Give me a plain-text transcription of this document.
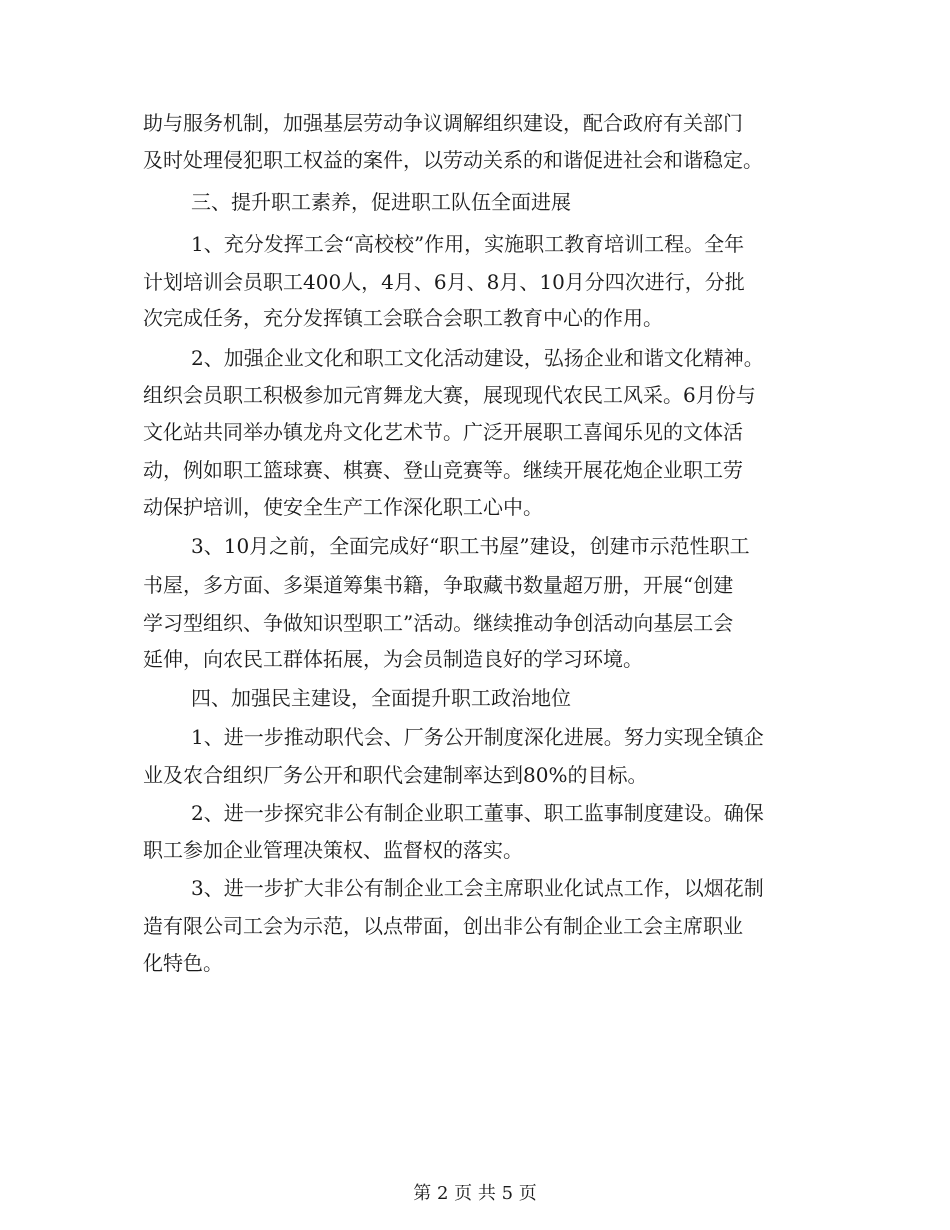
助与服务机制，加强基层劳动争议调解组织建设，配合政府有关部门
及时处理侵犯职工权益的案件，以劳动关系的和谐促进社会和谐稳定。
三、提升职工素养，促进职工队伍全面进展
1、充分发挥工会“高校校”作用，实施职工教育培训工程。全年
计划培训会员职工400人，4月、6月、8月、10月分四次进行，分批
次完成任务，充分发挥镇工会联合会职工教育中心的作用。
2、加强企业文化和职工文化活动建设，弘扬企业和谐文化精神。
组织会员职工积极参加元宵舞龙大赛，展现现代农民工风采。6月份与
文化站共同举办镇龙舟文化艺术节。广泛开展职工喜闻乐见的文体活
动，例如职工篮球赛、棋赛、登山竞赛等。继续开展花炮企业职工劳
动保护培训，使安全生产工作深化职工心中。
3、10月之前，全面完成好“职工书屋”建设，创建市示范性职工
书屋，多方面、多渠道筹集书籍，争取藏书数量超万册，开展“创建
学习型组织、争做知识型职工”活动。继续推动争创活动向基层工会
延伸，向农民工群体拓展，为会员制造良好的学习环境。
四、加强民主建设，全面提升职工政治地位
1、进一步推动职代会、厂务公开制度深化进展。努力实现全镇企
业及农合组织厂务公开和职代会建制率达到80%的目标。
2、进一步探究非公有制企业职工董事、职工监事制度建设。确保
职工参加企业管理决策权、监督权的落实。
3、进一步扩大非公有制企业工会主席职业化试点工作，以烟花制
造有限公司工会为示范，以点带面，创出非公有制企业工会主席职业
化特色。
第 2 页 共 5 页
